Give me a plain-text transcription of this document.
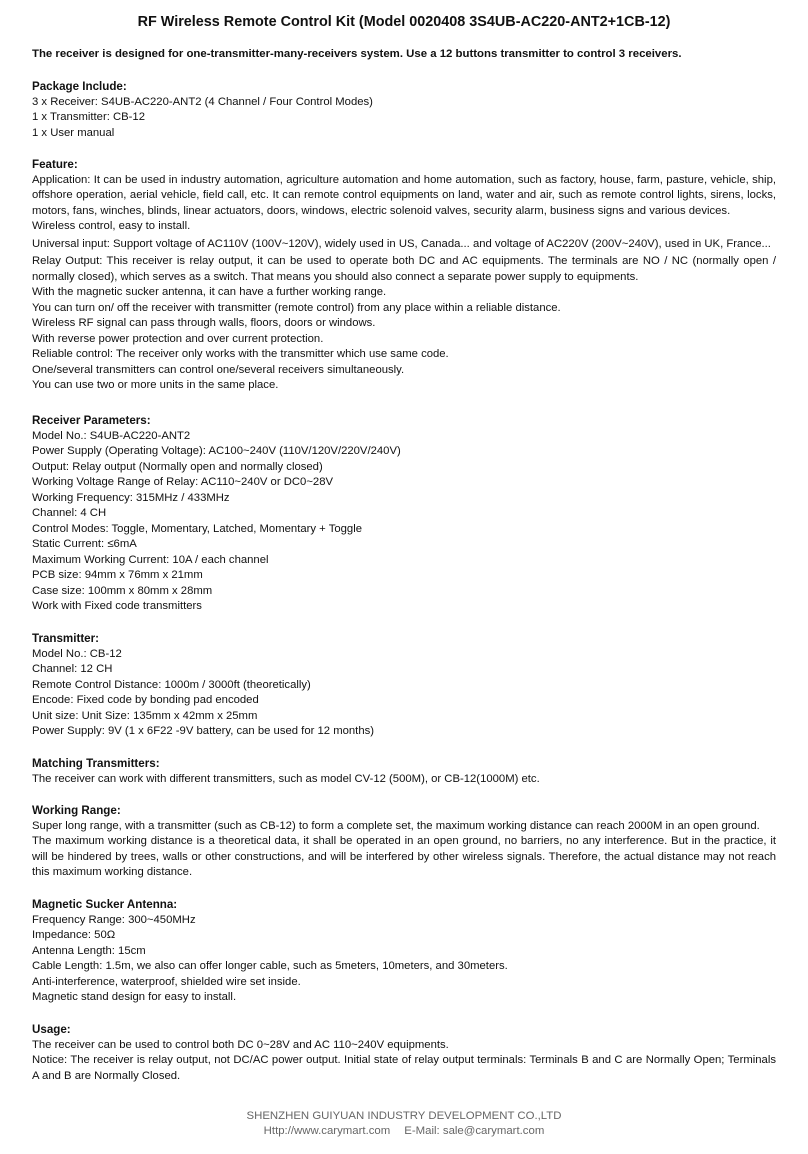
RF Wireless Remote Control Kit (Model 0020408 3S4UB-AC220-ANT2+1CB-12)

The receiver is designed for one-transmitter-many-receivers system. Use a 12 buttons transmitter to control 3 receivers.

Package Include:

3 x Receiver: S4UB-AC220-ANT2 (4 Channel / Four Control Modes)

1 x Transmitter: CB-12

1 x User manual

Feature:

Application: It can be used in industry automation, agriculture automation and home automation, such as factory, house, farm, pasture, vehicle, ship, offshore operation, aerial vehicle, field call, etc. It can remote control equipments on land, water and air, such as remote control lights, sirens, locks, motors, fans, winches, blinds, linear actuators, doors, windows, electric solenoid valves, security alarm, business signs and various devices.

Wireless control, easy to install.

Universal input: Support voltage of AC110V (100V~120V), widely used in US, Canada... and voltage of AC220V (200V~240V), used in UK, France...

Relay Output: This receiver is relay output, it can be used to operate both DC and AC equipments. The terminals are NO / NC (normally open / normally closed), which serves as a switch. That means you should also connect a separate power supply to equipments.

With the magnetic sucker antenna, it can have a further working range.

You can turn on/ off the receiver with transmitter (remote control) from any place within a reliable distance.

Wireless RF signal can pass through walls, floors, doors or windows.

With reverse power protection and over current protection.

Reliable control: The receiver only works with the transmitter which use same code.

One/several transmitters can control one/several receivers simultaneously.

You can use two or more units in the same place.

Receiver Parameters:

Model No.: S4UB-AC220-ANT2

Power Supply (Operating Voltage): AC100~240V (110V/120V/220V/240V)

Output: Relay output (Normally open and normally closed)

Working Voltage Range of Relay: AC110~240V or DC0~28V

Working Frequency: 315MHz / 433MHz

Channel: 4 CH

Control Modes: Toggle, Momentary, Latched, Momentary + Toggle

Static Current: ≤6mA

Maximum Working Current: 10A / each channel

PCB size: 94mm x 76mm x 21mm

Case size: 100mm x 80mm x 28mm

Work with Fixed code transmitters

Transmitter:

Model No.: CB-12

Channel: 12 CH

Remote Control Distance: 1000m / 3000ft (theoretically)

Encode: Fixed code by bonding pad encoded

Unit size: Unit Size: 135mm x 42mm x 25mm

Power Supply: 9V (1 x 6F22 -9V battery, can be used for 12 months)

Matching Transmitters:

The receiver can work with different transmitters, such as model CV-12 (500M), or CB-12(1000M) etc.

Working Range:

Super long range, with a transmitter (such as CB-12) to form a complete set, the maximum working distance can reach 2000M in an open ground.

The maximum working distance is a theoretical data, it shall be operated in an open ground, no barriers, no any interference. But in the practice, it will be hindered by trees, walls or other constructions, and will be interfered by other wireless signals. Therefore, the actual distance may not reach this maximum working distance.

Magnetic Sucker Antenna:

Frequency Range: 300~450MHz

Impedance: 50Ω

Antenna Length: 15cm

Cable Length: 1.5m, we also can offer longer cable, such as 5meters, 10meters, and 30meters.

Anti-interference, waterproof, shielded wire set inside.

Magnetic stand design for easy to install.

Usage:

The receiver can be used to control both DC 0~28V and AC 110~240V equipments.

Notice: The receiver is relay output, not DC/AC power output. Initial state of relay output terminals: Terminals B and C are Normally Open; Terminals A and B are Normally Closed.

SHENZHEN GUIYUAN INDUSTRY DEVELOPMENT CO.,LTD
Http://www.carymart.com E-Mail: sale@carymart.com
